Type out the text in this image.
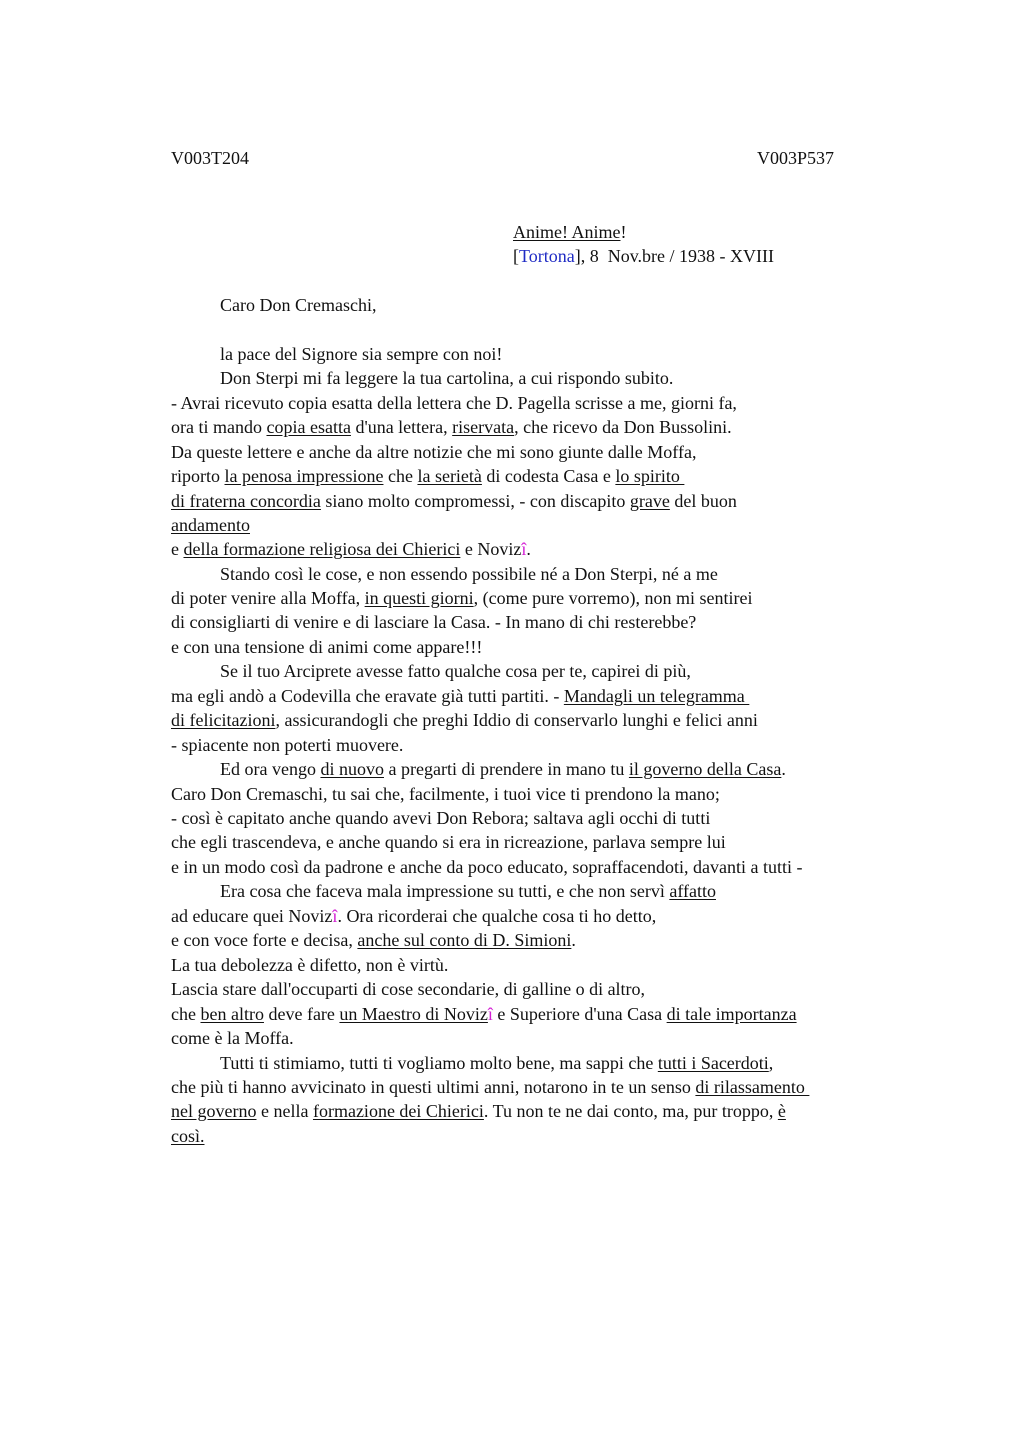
V003T204	V003P537
Anime! Anime!
[Tortona], 8  Nov.bre / 1938 - XVIII
Caro Don Cremaschi,
la pace del Signore sia sempre con noi!
Don Sterpi mi fa leggere la tua cartolina, a cui rispondo subito.
- Avrai ricevuto copia esatta della lettera che D. Pagella scrisse a me, giorni fa,
ora ti mando copia esatta d'una lettera, riservata, che ricevo da Don Bussolini.
Da queste lettere e anche da altre notizie che mi sono giunte dalle Moffa,
riporto la penosa impressione che la serietà di codesta Casa e lo spirito
di fraterna concordia siano molto compromessi, - con discapito grave del buon
andamento
e della formazione religiosa dei Chierici e Novizî.
Stando così le cose, e non essendo possibile né a Don Sterpi, né a me
di poter venire alla Moffa, in questi giorni, (come pure vorremo), non mi sentirei
di consigliarti di venire e di lasciare la Casa. - In mano di chi resterebbe?
e con una tensione di animi come appare!!!
Se il tuo Arciprete avesse fatto qualche cosa per te, capirei di più,
ma egli andò a Codevilla che eravate già tutti partiti. - Mandagli un telegramma
di felicitazioni, assicurandogli che preghi Iddio di conservarlo lunghi e felici anni
- spiacente non poterti muovere.
Ed ora vengo di nuovo a pregarti di prendere in mano tu il governo della Casa.
Caro Don Cremaschi, tu sai che, facilmente, i tuoi vice ti prendono la mano;
- così è capitato anche quando avevi Don Rebora; saltava agli occhi di tutti
che egli trascendeva, e anche quando si era in ricreazione, parlava sempre lui
e in un modo così da padrone e anche da poco educato, sopraffacendoti, davanti a tutti -
Era cosa che faceva mala impressione su tutti, e che non servì affatto
ad educare quei Novizî. Ora ricorderai che qualche cosa ti ho detto,
e con voce forte e decisa, anche sul conto di D. Simioni.
La tua debolezza è difetto, non è virtù.
Lascia stare dall'occuparti di cose secondarie, di galline o di altro,
che ben altro deve fare un Maestro di Novizî e Superiore d'una Casa di tale importanza
come è la Moffa.
Tutti ti stimiamo, tutti ti vogliamo molto bene, ma sappi che tutti i Sacerdoti,
che più ti hanno avvicinato in questi ultimi anni, notarono in te un senso di rilassamento
nel governo e nella formazione dei Chierici. Tu non te ne dai conto, ma, pur troppo, è
così.
